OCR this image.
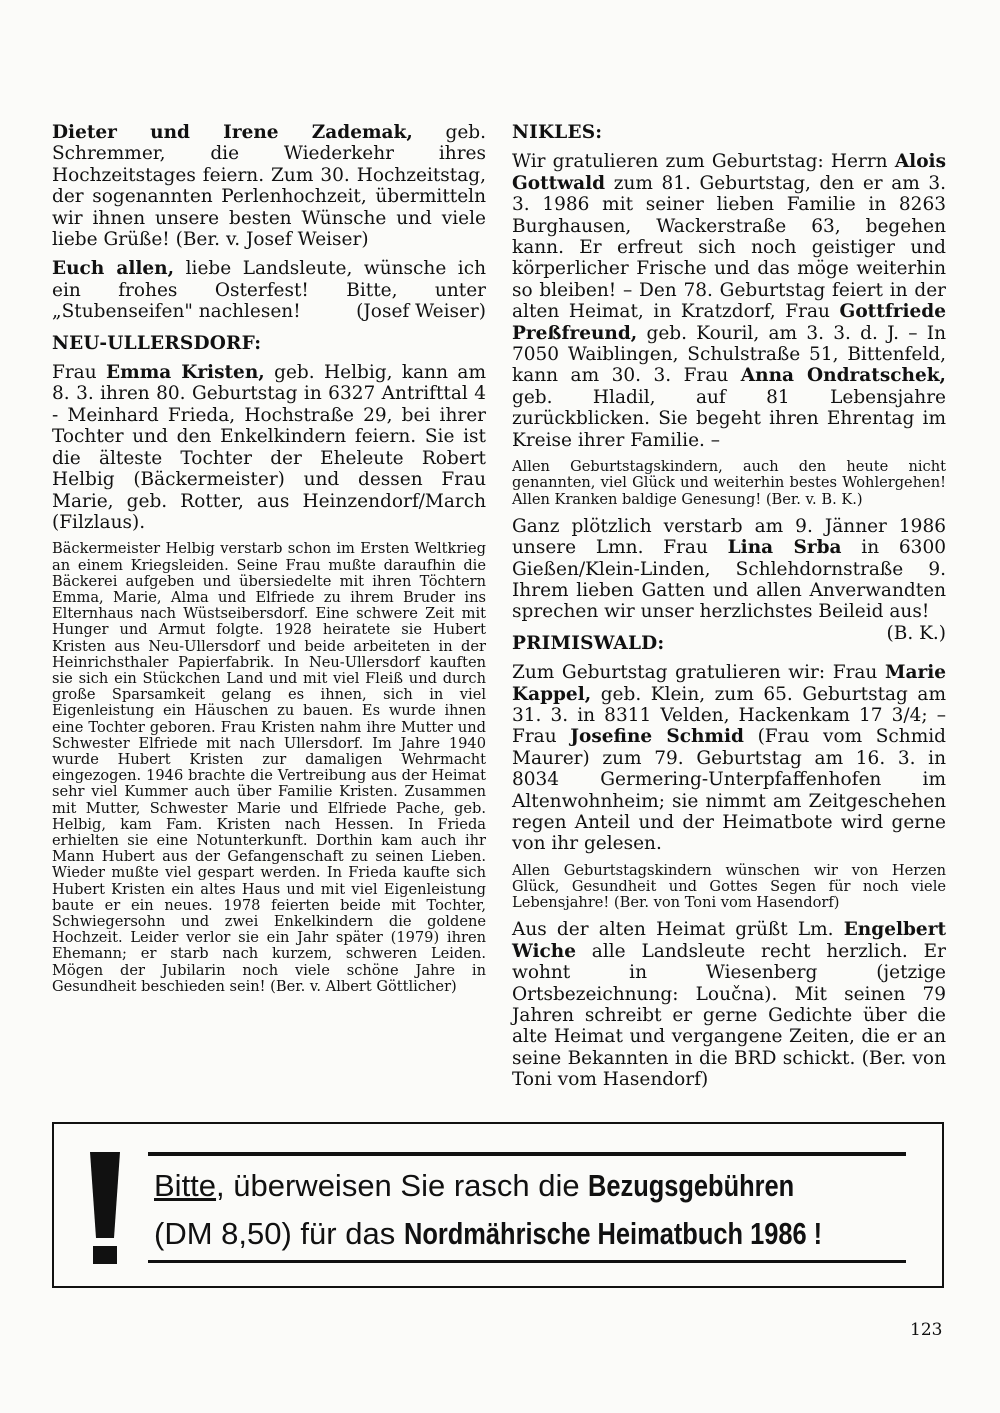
Dieter und Irene Zademak, geb. Schremmer, die Wiederkehr ihres Hochzeitstages feiern. Zum 30. Hochzeitstag, der sogenannten Perlenhochzeit, übermitteln wir ihnen unsere besten Wünsche und viele liebe Grüße! (Ber. v. Josef Weiser)

Euch allen, liebe Landsleute, wünsche ich ein frohes Osterfest! Bitte, unter „Stubenseifen" nachlesen!	(Josef Weiser)

NEU-ULLERSDORF:

Frau Emma Kristen, geb. Helbig, kann am 8. 3. ihren 80. Geburtstag in 6327 Antrifttal 4 - Meinhard Frieda, Hochstraße 29, bei ihrer Tochter und den Enkelkindern feiern. Sie ist die älteste Tochter der Eheleute Robert Helbig (Bäckermeister) und dessen Frau Marie, geb. Rotter, aus Heinzendorf/March (Filzlaus).

Bäckermeister Helbig verstarb schon im Ersten Weltkrieg an einem Kriegsleiden. Seine Frau mußte daraufhin die Bäckerei aufgeben und übersiedelte mit ihren Töchtern Emma, Marie, Alma und Elfriede zu ihrem Bruder ins Elternhaus nach Wüstseibersdorf. Eine schwere Zeit mit Hunger und Armut folgte. 1928 heiratete sie Hubert Kristen aus Neu-Ullersdorf und beide arbeiteten in der Heinrichsthaler Papierfabrik. In Neu-Ullersdorf kauften sie sich ein Stückchen Land und mit viel Fleiß und durch große Sparsamkeit gelang es ihnen, sich in viel Eigenleistung ein Häuschen zu bauen. Es wurde ihnen eine Tochter geboren. Frau Kristen nahm ihre Mutter und Schwester Elfriede mit nach Ullersdorf. Im Jahre 1940 wurde Hubert Kristen zur damaligen Wehrmacht eingezogen. 1946 brachte die Vertreibung aus der Heimat sehr viel Kummer auch über Familie Kristen. Zusammen mit Mutter, Schwester Marie und Elfriede Pache, geb. Helbig, kam Fam. Kristen nach Hessen. In Frieda erhielten sie eine Notunterkunft. Dorthin kam auch ihr Mann Hubert aus der Gefangenschaft zu seinen Lieben. Wieder mußte viel gespart werden. In Frieda kaufte sich Hubert Kristen ein altes Haus und mit viel Eigenleistung baute er ein neues. 1978 feierten beide mit Tochter, Schwiegersohn und zwei Enkelkindern die goldene Hochzeit. Leider verlor sie ein Jahr später (1979) ihren Ehemann; er starb nach kurzem, schweren Leiden. Mögen der Jubilarin noch viele schöne Jahre in Gesundheit beschieden sein! (Ber. v. Albert Göttlicher)

NIKLES:

Wir gratulieren zum Geburtstag: Herrn Alois Gottwald zum 81. Geburtstag, den er am 3. 3. 1986 mit seiner lieben Familie in 8263 Burghausen, Wackerstraße 63, begehen kann. Er erfreut sich noch geistiger und körperlicher Frische und das möge weiterhin so bleiben! – Den 78. Geburtstag feiert in der alten Heimat, in Kratzdorf, Frau Gottfriede Preßfreund, geb. Kouril, am 3. 3. d. J. – In 7050 Waiblingen, Schulstraße 51, Bittenfeld, kann am 30. 3. Frau Anna Ondratschek, geb. Hladil, auf 81 Lebensjahre zurückblicken. Sie begeht ihren Ehrentag im Kreise ihrer Familie. –

Allen Geburtstagskindern, auch den heute nicht genannten, viel Glück und weiterhin bestes Wohlergehen! Allen Kranken baldige Genesung! (Ber. v. B. K.)

Ganz plötzlich verstarb am 9. Jänner 1986 unsere Lmn. Frau Lina Srba in 6300 Gießen/Klein-Linden, Schlehdornstraße 9. Ihrem lieben Gatten und allen Anverwandten sprechen wir unser herzlichstes Beileid aus!
(B. K.)

PRIMISWALD:

Zum Geburtstag gratulieren wir: Frau Marie Kappel, geb. Klein, zum 65. Geburtstag am 31. 3. in 8311 Velden, Hackenkam 17 3/4; – Frau Josefine Schmid (Frau vom Schmid Maurer) zum 79. Geburtstag am 16. 3. in 8034 Germering-Unterpfaffenhofen im Altenwohnheim; sie nimmt am Zeitgeschehen regen Anteil und der Heimatbote wird gerne von ihr gelesen.

Allen Geburtstagskindern wünschen wir von Herzen Glück, Gesundheit und Gottes Segen für noch viele Lebensjahre! (Ber. von Toni vom Hasendorf)

Aus der alten Heimat grüßt Lm. Engelbert Wiche alle Landsleute recht herzlich. Er wohnt in Wiesenberg (jetzige Ortsbezeichnung: Loučna). Mit seinen 79 Jahren schreibt er gerne Gedichte über die alte Heimat und vergangene Zeiten, die er an seine Bekannten in die BRD schickt. (Ber. von Toni vom Hasendorf)

Bitte, überweisen Sie rasch die Bezugsgebühren
(DM 8,50) für das Nordmährische Heimatbuch 1986 !
123
